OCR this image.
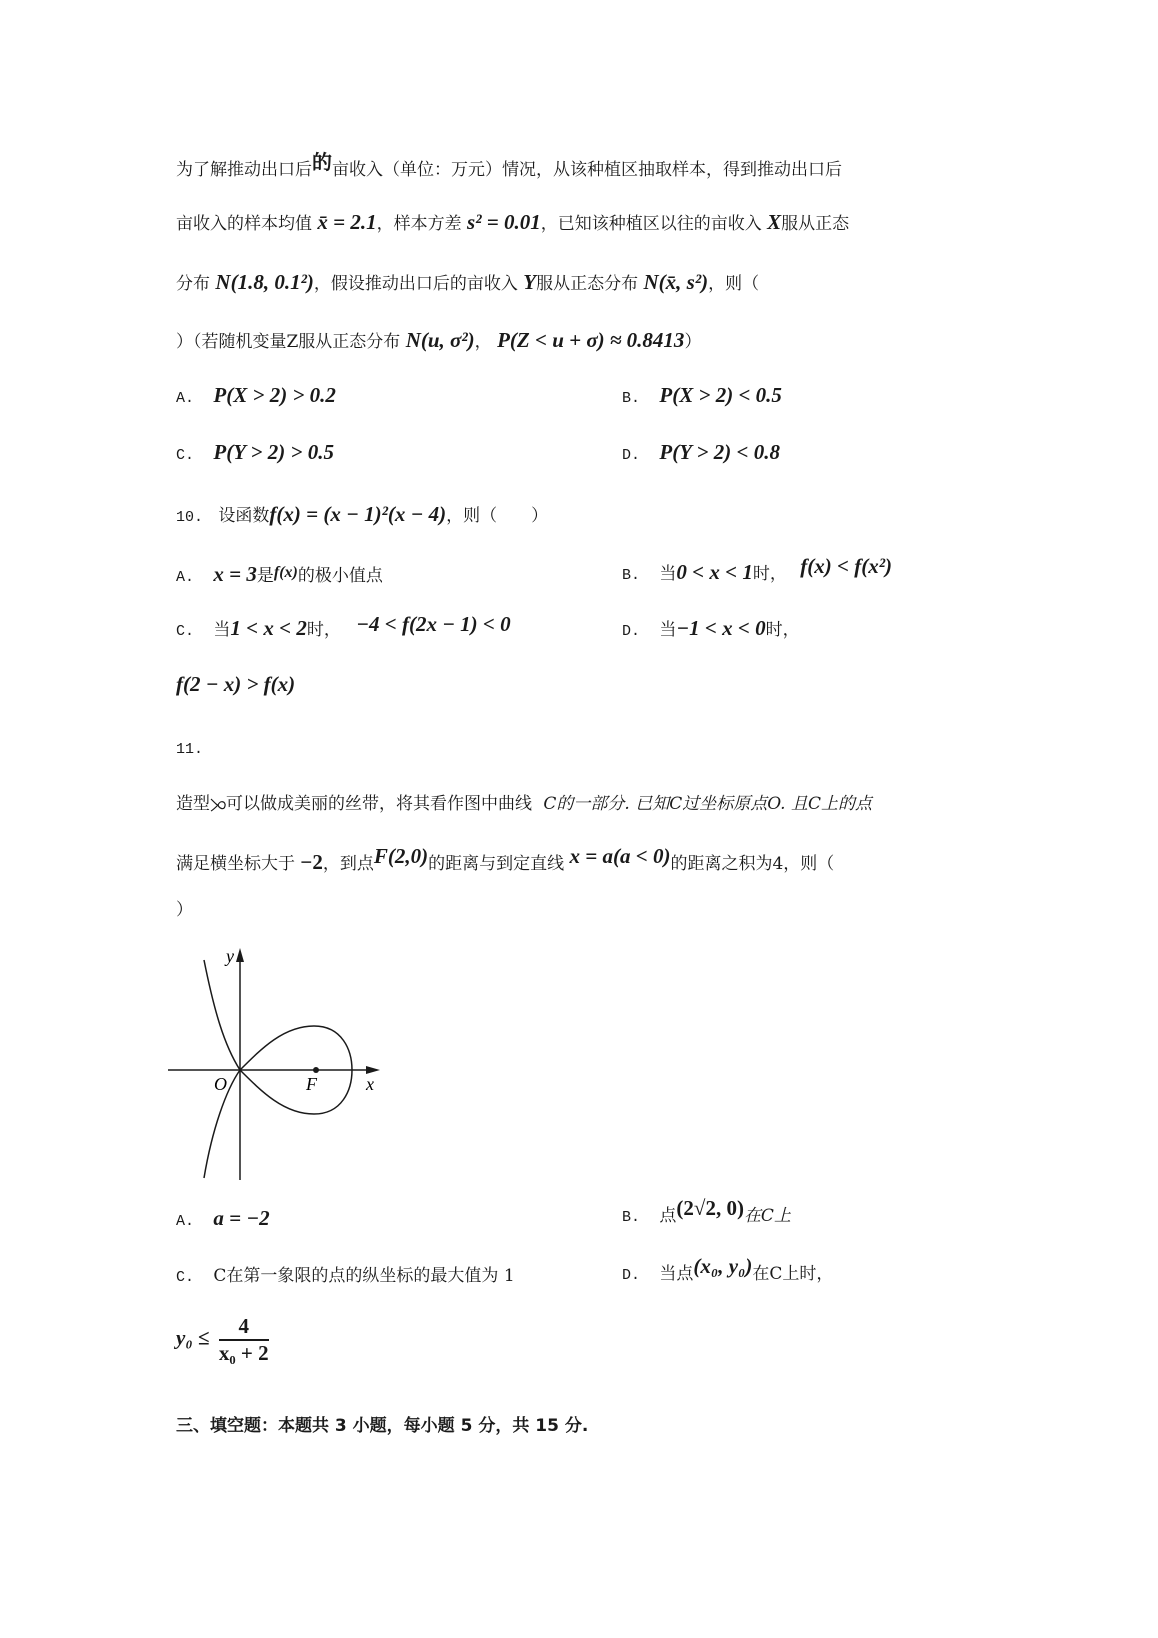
为了解推动出口后的亩收入（单位：万元）情况，从该种植区抽取样本，得到推动出口后
亩收入的样本均值 x̄ = 2.1，样本方差 s² = 0.01，已知该种植区以往的亩收入 X服从正态
分布 N(1.8, 0.1²)，假设推动出口后的亩收入 Y服从正态分布 N(x̄, s²)，则（
）（若随机变量Z服从正态分布 N(u, σ²)， P(Z < u + σ) ≈ 0.8413）
A. P(X > 2) > 0.2	B. P(X > 2) < 0.5
C. P(Y > 2) > 0.5	D. P(Y > 2) < 0.8
10. 设函数f(x) = (x − 1)²(x − 4)，则（　　）
A. x = 3是f(x)的极小值点	B. 当0 < x < 1时， f(x) < f(x²)
C. 当1 < x < 2时， −4 < f(2x − 1) < 0	D. 当−1 < x < 0时，
f(2 − x) > f(x)
11.
造型 可以做成美丽的丝带，将其看作图中曲线 C的一部分. 已知C过坐标原点O. 且C上的点
满足横坐标大于 −2，到点F(2,0)的距离与到定直线 x = a(a < 0)的距离之积为4，则（
）
y
x
O	F
A. a = −2	B. 点(2√2, 0)在C上
C. C在第一象限的点的纵坐标的最大值为 1	D. 当点(x₀, y₀)在C上时，
$y_0 \le \frac{4}{\text{x₀ + 2}}$
三、填空题：本题共 3 小题，每小题 5 分，共 15 分.
